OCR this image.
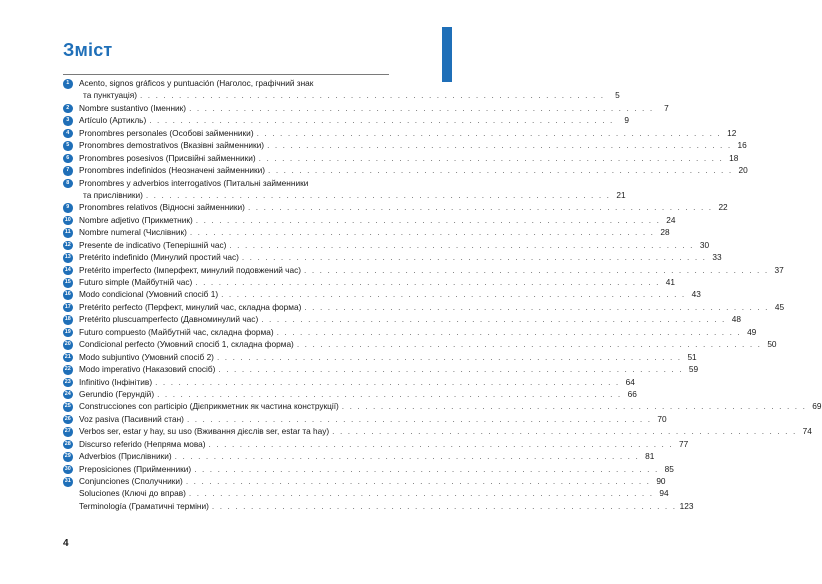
Зміст
1	Acento, signos gráficos y puntuación (Наголос, графічний знак
та пунктуація) . . . . . . . . . . . . . . . . . . . . . . . . . . . . . . . . . . . . . . . . . . . . . . . . . . . . . . . . . . . .	5
2	Nombre sustantivo (Іменник) . . . . . . . . . . . . . . . . . . . . . . . . . . . . . . . . . . . . . . . . . . . . . . . . . . . . . . . . . . . .	7
3	Artículo (Артикль) . . . . . . . . . . . . . . . . . . . . . . . . . . . . . . . . . . . . . . . . . . . . . . . . . . . . . . . . . . . .	9
4	Pronombres personales (Особові займенники) . . . . . . . . . . . . . . . . . . . . . . . . . . . . . . . . . . . . . . . . . . . . . . . . . . . . . . . . . . . . 12
5	Pronombres demostrativos (Вказівні займенники) . . . . . . . . . . . . . . . . . . . . . . . . . . . . . . . . . . . . . . . . . . . . . . . . . . . . . . . . . . . . 16
6	Pronombres posesivos (Присвійні займенники) . . . . . . . . . . . . . . . . . . . . . . . . . . . . . . . . . . . . . . . . . . . . . . . . . . . . . . . . . . . . 18
7	Pronombres indefinidos (Неозначені займенники) . . . . . . . . . . . . . . . . . . . . . . . . . . . . . . . . . . . . . . . . . . . . . . . . . . . . . . . . . . . . 20
8	Pronombres y adverbios interrogativos (Питальні займенники
та прислівники) . . . . . . . . . . . . . . . . . . . . . . . . . . . . . . . . . . . . . . . . . . . . . . . . . . . . . . . . . . . . 21
9	Pronombres relativos (Відносні займенники) . . . . . . . . . . . . . . . . . . . . . . . . . . . . . . . . . . . . . . . . . . . . . . . . . . . . . . . . . . . . 22
10 Nombre adjetivo (Прикметник) . . . . . . . . . . . . . . . . . . . . . . . . . . . . . . . . . . . . . . . . . . . . . . . . . . . . . . . . . . . . 24
11 Nombre numeral (Числівник) . . . . . . . . . . . . . . . . . . . . . . . . . . . . . . . . . . . . . . . . . . . . . . . . . . . . . . . . . . . . 28
12 Presente de indicativo (Теперішній час) . . . . . . . . . . . . . . . . . . . . . . . . . . . . . . . . . . . . . . . . . . . . . . . . . . . . . . . . . . . . 30
13 Pretérito indefinido (Минулий простий час) . . . . . . . . . . . . . . . . . . . . . . . . . . . . . . . . . . . . . . . . . . . . . . . . . . . . . . . . . . . . 33
14 Pretérito imperfecto (Імперфект, минулий подовжений час) . . . . . . . . . . . . . . . . . . . . . . . . . . . . . . . . . . . . . . . . . . . . . . . . . . . . . . . . . . . . 37
15 Futuro simple (Майбутній час) . . . . . . . . . . . . . . . . . . . . . . . . . . . . . . . . . . . . . . . . . . . . . . . . . . . . . . . . . . . . 41
16 Modo condicional (Умовний спосіб 1) . . . . . . . . . . . . . . . . . . . . . . . . . . . . . . . . . . . . . . . . . . . . . . . . . . . . . . . . . . . . 43
17 Pretérito perfecto (Перфект, минулий час, складна форма) . . . . . . . . . . . . . . . . . . . . . . . . . . . . . . . . . . . . . . . . . . . . . . . . . . . . . . . . . . . . 45
18 Pretérito pluscuamperfecto (Давноминулий час) . . . . . . . . . . . . . . . . . . . . . . . . . . . . . . . . . . . . . . . . . . . . . . . . . . . . . . . . . . . . 48
19 Futuro compuesto (Майбутній час, складна форма) . . . . . . . . . . . . . . . . . . . . . . . . . . . . . . . . . . . . . . . . . . . . . . . . . . . . . . . . . . . . 49
20 Condicional perfecto (Умовний спосіб 1, складна форма) . . . . . . . . . . . . . . . . . . . . . . . . . . . . . . . . . . . . . . . . . . . . . . . . . . . . . . . . . . . . 50
21 Modo subjuntivo (Умовний спосіб 2) . . . . . . . . . . . . . . . . . . . . . . . . . . . . . . . . . . . . . . . . . . . . . . . . . . . . . . . . . . . . 51
22 Modo imperativo (Наказовий спосіб) . . . . . . . . . . . . . . . . . . . . . . . . . . . . . . . . . . . . . . . . . . . . . . . . . . . . . . . . . . . . 59
23 Infinitivo (Інфінітив) . . . . . . . . . . . . . . . . . . . . . . . . . . . . . . . . . . . . . . . . . . . . . . . . . . . . . . . . . . . . 64
24 Gerundio (Герундій) . . . . . . . . . . . . . . . . . . . . . . . . . . . . . . . . . . . . . . . . . . . . . . . . . . . . . . . . . . . . 66
25 Construcciones con participio (Дієприкметник як частина конструкції) . . . . . . . . . . . . . . . . . . . . . . . . . . . . . . . . . . . . . . . . . . . . . . . . . . . . . . . . . . . . 69
26 Voz pasiva (Пасивний стан) . . . . . . . . . . . . . . . . . . . . . . . . . . . . . . . . . . . . . . . . . . . . . . . . . . . . . . . . . . . . 70
27 Verbos ser, estar y hay, su uso (Вживання дієслів ser, estar та hay) . . . . . . . . . . . . . . . . . . . . . . . . . . . . . . . . . . . . . . . . . . . . . . . . . . . . . . . . . . . . 74
28 Discurso referido (Непряма мова) . . . . . . . . . . . . . . . . . . . . . . . . . . . . . . . . . . . . . . . . . . . . . . . . . . . . . . . . . . . . 77
29 Adverbios (Прислівники) . . . . . . . . . . . . . . . . . . . . . . . . . . . . . . . . . . . . . . . . . . . . . . . . . . . . . . . . . . . . 81
30 Preposiciones (Прийменники) . . . . . . . . . . . . . . . . . . . . . . . . . . . . . . . . . . . . . . . . . . . . . . . . . . . . . . . . . . . . 85
31 Conjunciones (Сполучники) . . . . . . . . . . . . . . . . . . . . . . . . . . . . . . . . . . . . . . . . . . . . . . . . . . . . . . . . . . . . 90
Soluciones (Ключі до вправ) . . . . . . . . . . . . . . . . . . . . . . . . . . . . . . . . . . . . . . . . . . . . . . . . . . . . . . . . . . . . 94
Terminología (Граматичні терміни) . . . . . . . . . . . . . . . . . . . . . . . . . . . . . . . . . . . . . . . . . . . . . . . . . . . . . . . . . . . . 123
4
